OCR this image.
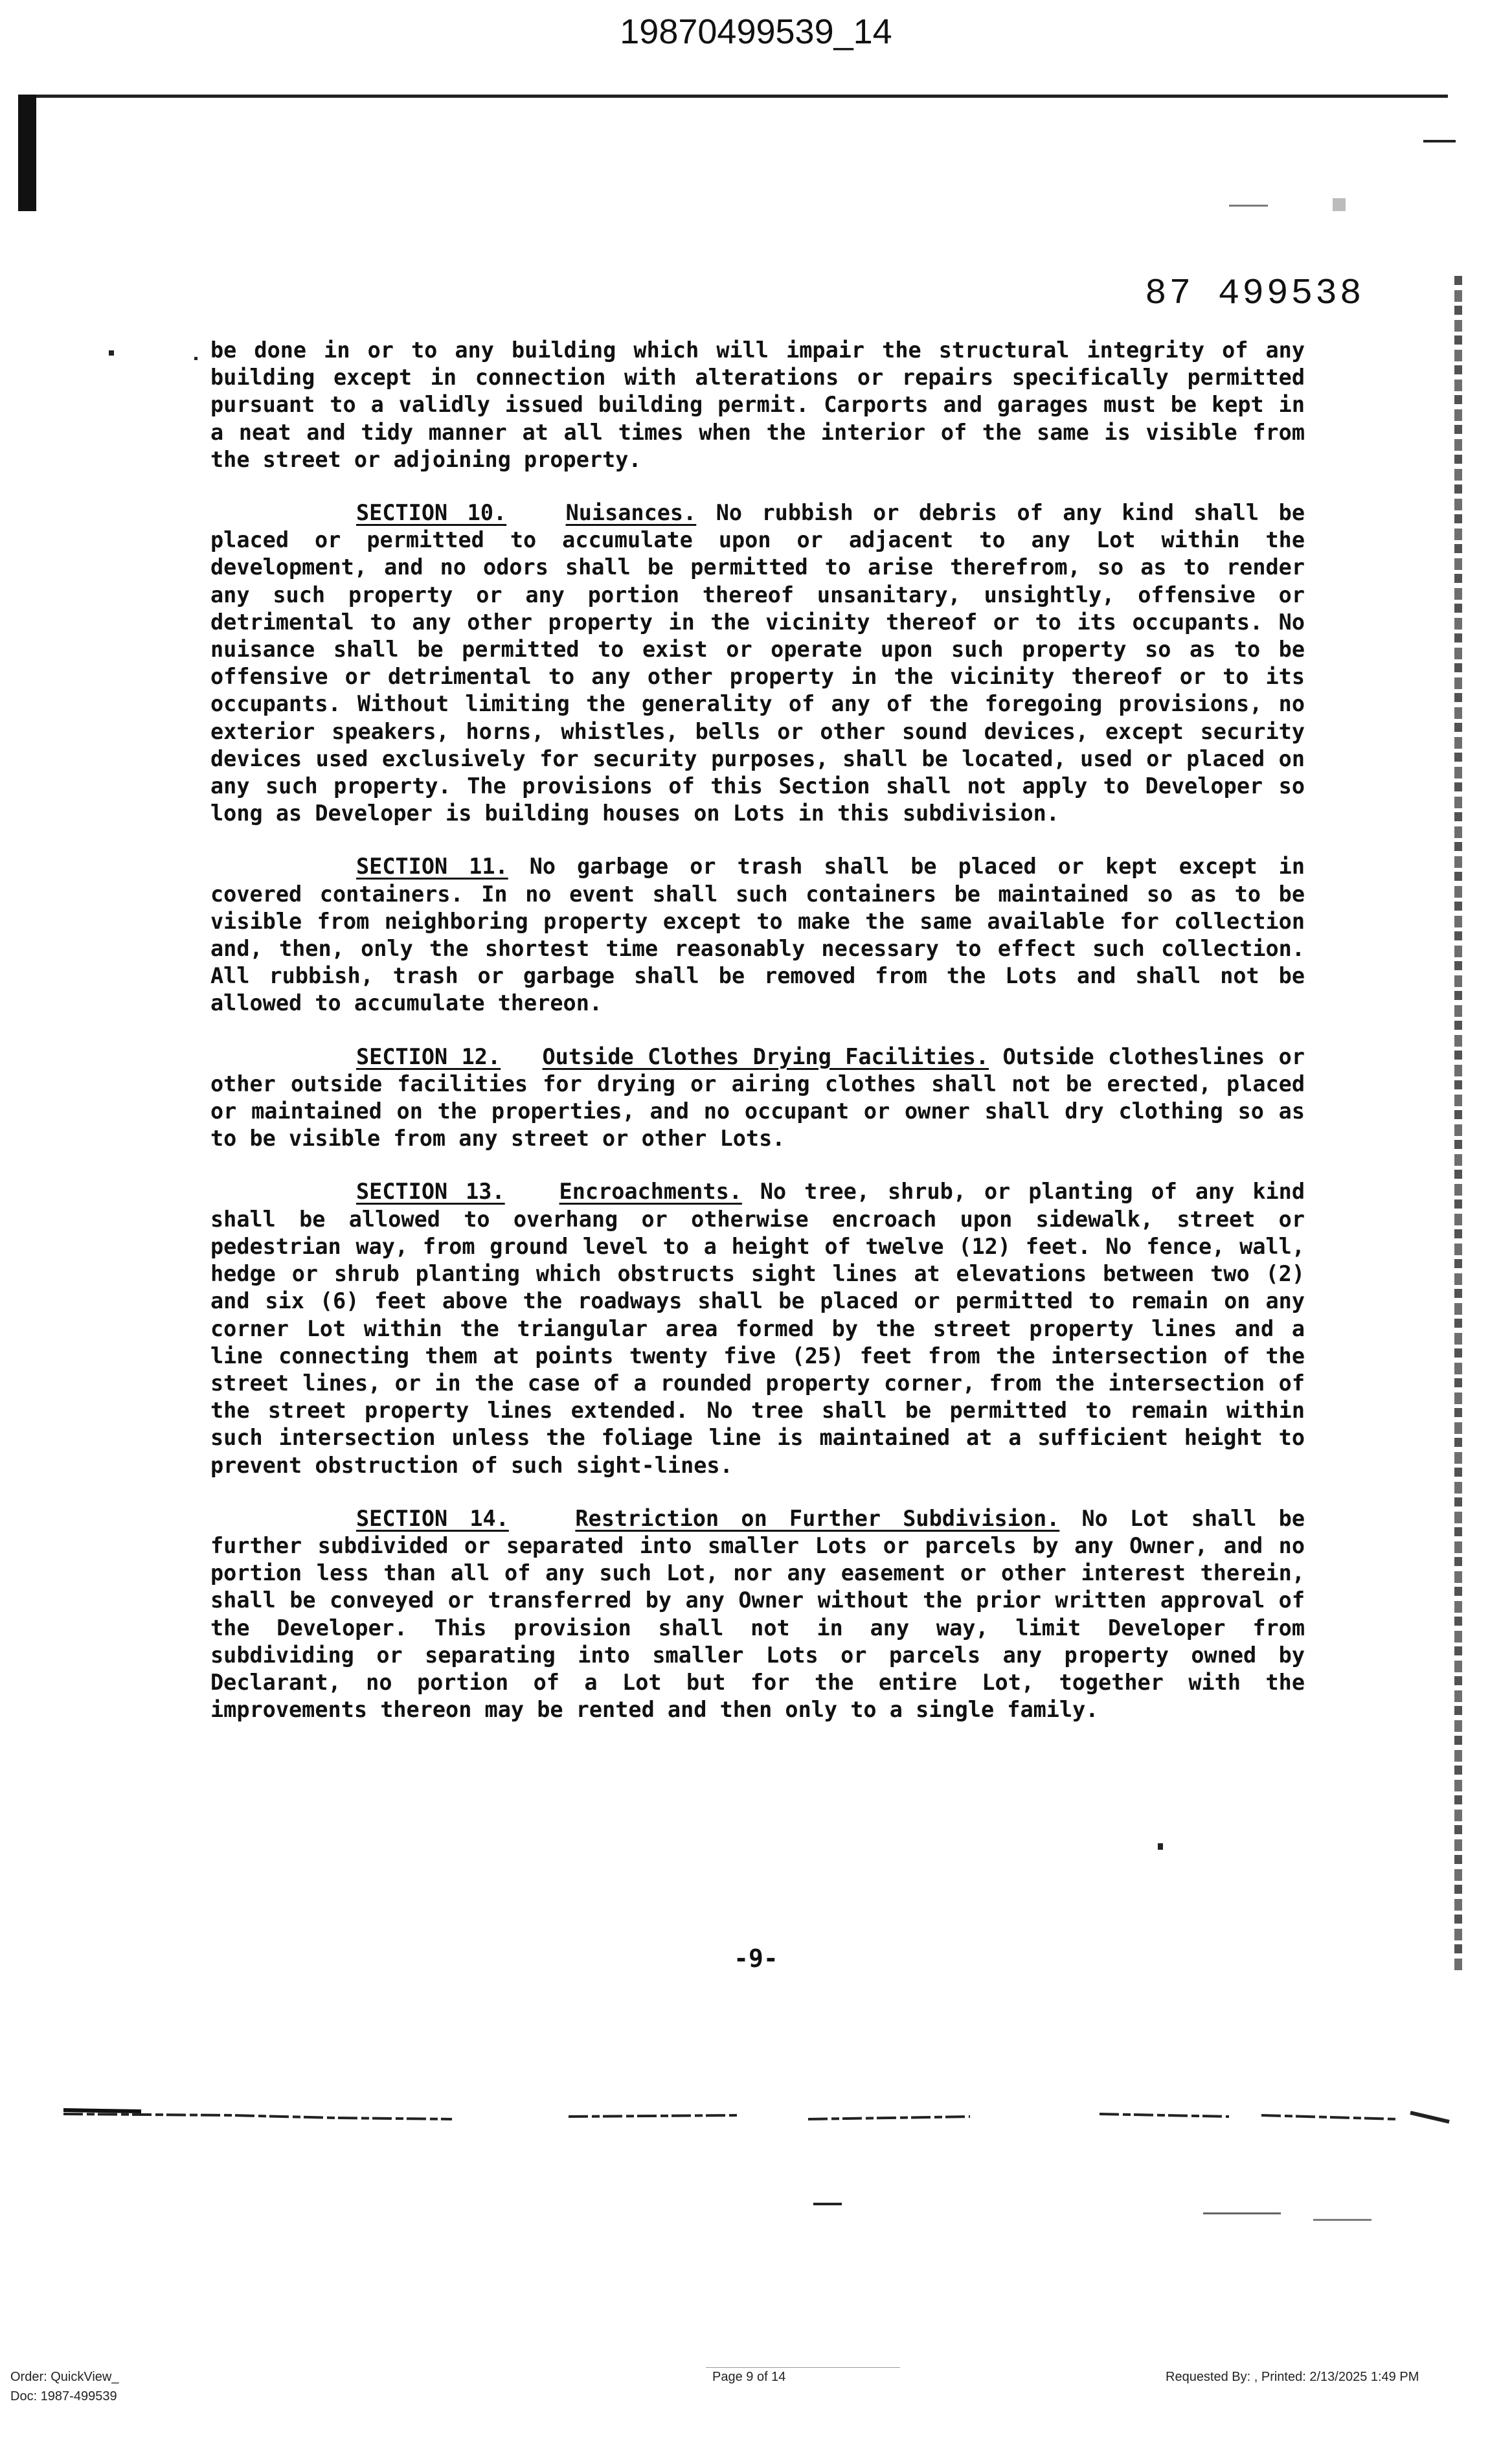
19870499539_14
87 499538

be done in or to any building which will impair the structural integrity of any building except in connection with alterations or repairs specifically permitted pursuant to a validly issued building permit. Carports and garages must be kept in a neat and tidy manner at all times when the interior of the same is visible from the street or adjoining property.

SECTION 10.	Nuisances. No rubbish or debris of any kind shall be placed or permitted to accumulate upon or adjacent to any Lot within the development, and no odors shall be permitted to arise therefrom, so as to render any such property or any portion thereof unsanitary, unsightly, offensive or detrimental to any other property in the vicinity thereof or to its occupants. No nuisance shall be permitted to exist or operate upon such property so as to be offensive or detrimental to any other property in the vicinity thereof or to its occupants. Without limiting the generality of any of the foregoing provisions, no exterior speakers, horns, whistles, bells or other sound devices, except security devices used exclusively for security purposes, shall be located, used or placed on any such property. The provisions of this Section shall not apply to Developer so long as Developer is building houses on Lots in this subdivision.

SECTION 11. No garbage or trash shall be placed or kept except in covered containers. In no event shall such containers be maintained so as to be visible from neighboring property except to make the same available for collection and, then, only the shortest time reasonably necessary to effect such collection. All rubbish, trash or garbage shall be removed from the Lots and shall not be allowed to accumulate thereon.

SECTION 12. Outside Clothes Drying Facilities. Outside clotheslines or other outside facilities for drying or airing clothes shall not be erected, placed or maintained on the properties, and no occupant or owner shall dry clothing so as to be visible from any street or other Lots.

SECTION 13.	Encroachments. No tree, shrub, or planting of any kind shall be allowed to overhang or otherwise encroach upon sidewalk, street or pedestrian way, from ground level to a height of twelve (12) feet. No fence, wall, hedge or shrub planting which obstructs sight lines at elevations between two (2) and six (6) feet above the roadways shall be placed or permitted to remain on any corner Lot within the triangular area formed by the street property lines and a line connecting them at points twenty five (25) feet from the intersection of the street lines, or in the case of a rounded property corner, from the intersection of the street property lines extended. No tree shall be permitted to remain within such intersection unless the foliage line is maintained at a sufficient height to prevent obstruction of such sight-lines.

SECTION 14.	Restriction on Further Subdivision. No Lot shall be further subdivided or separated into smaller Lots or parcels by any Owner, and no portion less than all of any such Lot, nor any easement or other interest therein, shall be conveyed or transferred by any Owner without the prior written approval of the Developer. This provision shall not in any way, limit Developer from subdividing or separating into smaller Lots or parcels any property owned by Declarant, no portion of a Lot but for the entire Lot, together with the improvements thereon may be rented and then only to a single family.

-9-
Order: QuickView_
Doc: 1987-499539
Page 9 of 14	Requested By: , Printed: 2/13/2025 1:49 PM
